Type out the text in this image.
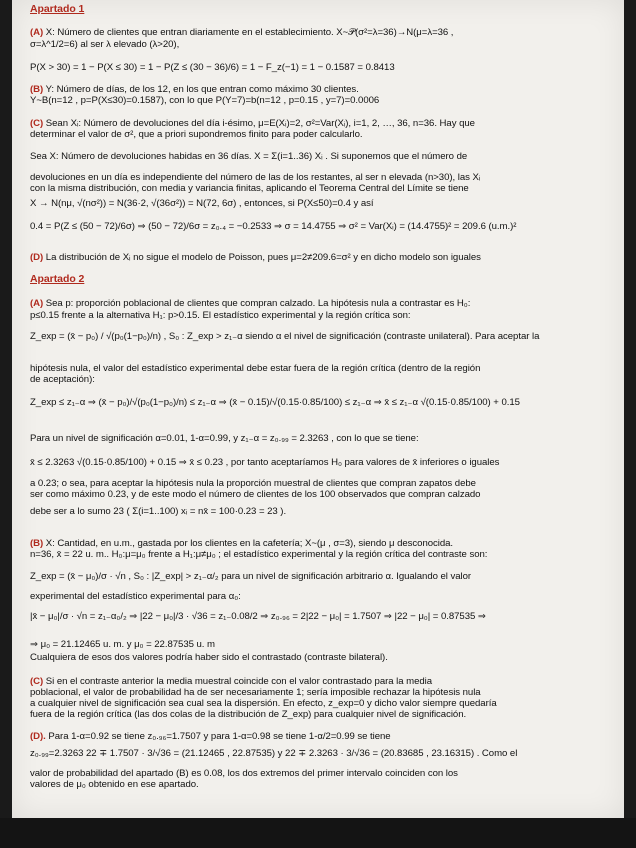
Apartado 1
(A) X: Número de clientes que entran diariamente en el establecimiento. X~𝒫(σ²=λ=36)→N(μ=λ=36 ,
σ=λ^1/2=6) al ser λ elevado (λ>20),
P(X > 30) = 1 − P(X ≤ 30) = 1 − P(Z ≤ (30 − 36)/6) = 1 − F_z(−1) = 1 − 0.1587 = 0.8413
(B) Y: Número de días, de los 12, en los que entran como máximo 30 clientes.
Y~B(n=12 , p=P(X≤30)=0.1587), con lo que P(Y=7)=b(n=12 , p=0.15 , y=7)=0.0006
(C) Sean Xᵢ: Número de devoluciones del día i-ésimo, μ=E(Xᵢ)=2, σ²=Var(Xᵢ), i=1, 2, …, 36, n=36. Hay que
determinar el valor de σ², que a priori supondremos finito para poder calcularlo.
Sea X: Número de devoluciones habidas en 36 días. X = Σ(i=1..36) Xᵢ . Si suponemos que el número de
devoluciones en un día es independiente del número de las de los restantes, al ser n elevada (n>30), las Xᵢ
con la misma distribución, con media y variancia finitas, aplicando el Teorema Central del Límite se tiene
X → N(nμ, √(nσ²)) = N(36·2, √(36σ²)) = N(72, 6σ) , entonces, si P(X≤50)=0.4 y así
0.4 = P(Z ≤ (50 − 72)/6σ) ⇒ (50 − 72)/6σ = z₀.₄ = −0.2533 ⇒ σ = 14.4755 ⇒ σ² = Var(Xᵢ) = (14.4755)² = 209.6 (u.m.)²
(D) La distribución de Xᵢ no sigue el modelo de Poisson, pues μ=2≠209.6=σ² y en dicho modelo son iguales
Apartado 2
(A) Sea p: proporción poblacional de clientes que compran calzado. La hipótesis nula a contrastar es H₀:
p≤0.15 frente a la alternativa H₁: p>0.15. El estadístico experimental y la región crítica son:
Z_exp = (x̄ − p₀) / √(p₀(1−p₀)/n) , S₀ : Z_exp > z₁₋α siendo α el nivel de significación (contraste unilateral). Para aceptar la
hipótesis nula, el valor del estadístico experimental debe estar fuera de la región crítica (dentro de la región
de aceptación):
Z_exp ≤ z₁₋α ⇒ (x̄ − p₀)/√(p₀(1−p₀)/n) ≤ z₁₋α ⇒ (x̄ − 0.15)/√(0.15·0.85/100) ≤ z₁₋α ⇒ x̄ ≤ z₁₋α √(0.15·0.85/100) + 0.15
Para un nivel de significación α=0.01, 1-α=0.99, y z₁₋α = z₀.₉₉ = 2.3263 , con lo que se tiene:
x̄ ≤ 2.3263 √(0.15·0.85/100) + 0.15 ⇒ x̄ ≤ 0.23 , por tanto aceptaríamos H₀ para valores de x̄ inferiores o iguales
a 0.23; o sea, para aceptar la hipótesis nula la proporción muestral de clientes que compran zapatos debe
ser como máximo 0.23, y de este modo el número de clientes de los 100 observados que compran calzado
debe ser a lo sumo 23 ( Σ(i=1..100) xᵢ = nx̄ = 100·0.23 = 23 ).
(B) X: Cantidad, en u.m., gastada por los clientes en la cafetería; X~(μ , σ=3), siendo μ desconocida.
n=36, x̄ = 22 u. m.. H₀:μ=μ₀ frente a H₁:μ≠μ₀ ; el estadístico experimental y la región crítica del contraste son:
Z_exp = (x̄ − μ₀)/σ · √n , S₀ : |Z_exp| > z₁₋α/₂ para un nivel de significación arbitrario α. Igualando el valor
experimental del estadístico experimental para α₀:
|x̄ − μ₀|/σ · √n = z₁₋α₀/₂ ⇒ |22 − μ₀|/3 · √36 = z₁₋0.08/2 ⇒ z₀.₉₆ = 2|22 − μ₀| = 1.7507 ⇒ |22 − μ₀| = 0.87535 ⇒
⇒ μ₀ = 21.12465 u. m. y μ₀ = 22.87535 u. m
Cualquiera de esos dos valores podría haber sido el contrastado (contraste bilateral).
(C) Si en el contraste anterior la media muestral coincide con el valor contrastado para la media
poblacional, el valor de probabilidad ha de ser necesariamente 1; sería imposible rechazar la hipótesis nula
a cualquier nivel de significación sea cual sea la dispersión. En efecto, z_exp=0 y dicho valor siempre quedaría
fuera de la región crítica (las dos colas de la distribución de Z_exp) para cualquier nivel de significación.
(D). Para 1-α=0.92 se tiene z₀.₉₆=1.7507 y para 1-α=0.98 se tiene 1-α/2=0.99 se tiene
z₀.₉₉=2.3263 22 ∓ 1.7507 · 3/√36 = (21.12465 , 22.87535) y 22 ∓ 2.3263 · 3/√36 = (20.83685 , 23.16315) . Como el
valor de probabilidad del apartado (B) es 0.08, los dos extremos del primer intervalo coinciden con los
valores de μ₀ obtenido en ese apartado.
